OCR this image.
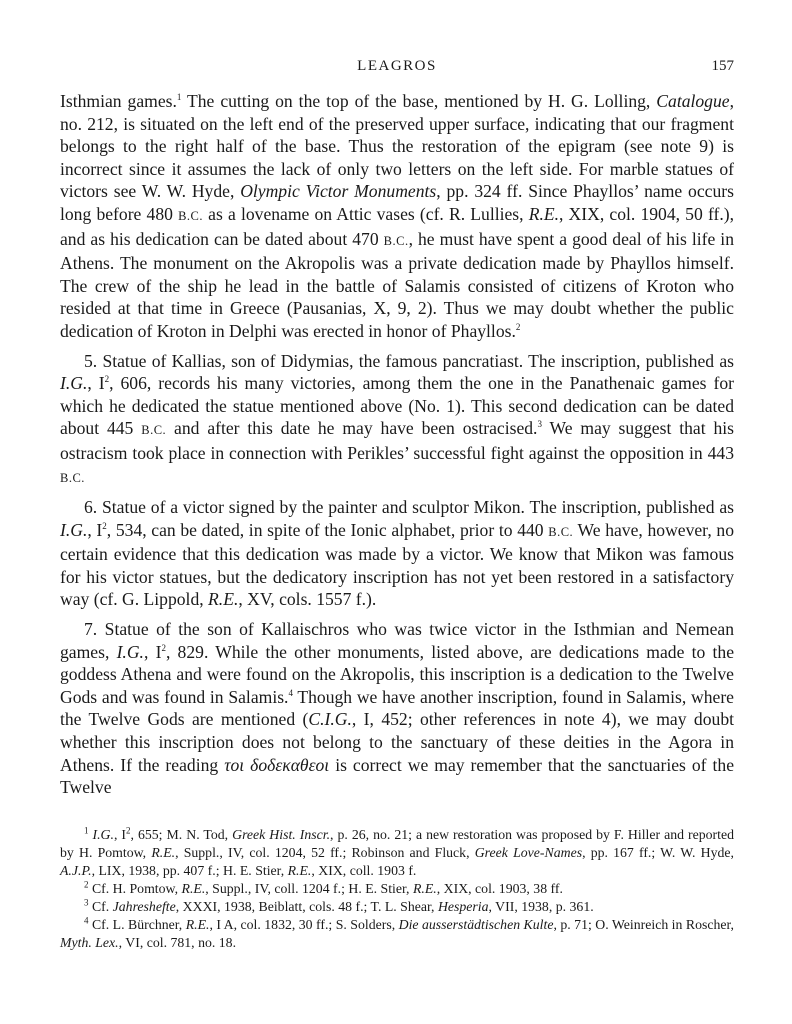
LEAGROS	157

Isthmian games.$^1$ The cutting on the top of the base, mentioned by H. G. Lolling, Catalogue, no. 212, is situated on the left end of the preserved upper surface, indicating that our fragment belongs to the right half of the base. Thus the restoration of the epigram (see note 9) is incorrect since it assumes the lack of only two letters on the left side. For marble statues of victors see W. W. Hyde, Olympic Victor Monuments, pp. 324 ff. Since Phayllos’ name occurs long before 480 B.C. as a lovename on Attic vases (cf. R. Lullies, R.E., XIX, col. 1904, 50 ff.), and as his dedication can be dated about 470 B.C., he must have spent a good deal of his life in Athens. The monument on the Akropolis was a private dedication made by Phayllos himself. The crew of the ship he lead in the battle of Salamis consisted of citizens of Kroton who resided at that time in Greece (Pausanias, X, 9, 2). Thus we may doubt whether the public dedication of Kroton in Delphi was erected in honor of Phayllos.$^2$

5. Statue of Kallias, son of Didymias, the famous pancratiast. The inscription, published as I.G., $I^2$, 606, records his many victories, among them the one in the Panathenaic games for which he dedicated the statue mentioned above (No. 1). This second dedication can be dated about 445 B.C. and after this date he may have been ostracised.$^3$ We may suggest that his ostracism took place in connection with Perikles’ successful fight against the opposition in 443 B.C.

6. Statue of a victor signed by the painter and sculptor Mikon. The inscription, published as I.G., $I^2$, 534, can be dated, in spite of the Ionic alphabet, prior to 440 B.C. We have, however, no certain evidence that this dedication was made by a victor. We know that Mikon was famous for his victor statues, but the dedicatory inscription has not yet been restored in a satisfactory way (cf. G. Lippold, R.E., XV, cols. 1557 f.).

7. Statue of the son of Kallaischros who was twice victor in the Isthmian and Nemean games, I.G., $I^2$, 829. While the other monuments, listed above, are dedications made to the goddess Athena and were found on the Akropolis, this inscription is a dedication to the Twelve Gods and was found in Salamis.$^4$ Though we have another inscription, found in Salamis, where the Twelve Gods are mentioned (C.I.G., I, 452; other references in note 4), we may doubt whether this inscription does not belong to the sanctuary of these deities in the Agora in Athens. If the reading τοι δοδεκαθεοι is correct we may remember that the sanctuaries of the Twelve

$^1$ I.G., $I^2$, 655; M. N. Tod, Greek Hist. Inscr., p. 26, no. 21; a new restoration was proposed by F. Hiller and reported by H. Pomtow, R.E., Suppl., IV, col. 1204, 52 ff.; Robinson and Fluck, Greek Love-Names, pp. 167 ff.; W. W. Hyde, A.J.P., LIX, 1938, pp. 407 f.; H. E. Stier, R.E., XIX, coll. 1903 f.

$^2$ Cf. H. Pomtow, R.E., Suppl., IV, coll. 1204 f.; H. E. Stier, R.E., XIX, col. 1903, 38 ff.

$^3$ Cf. Jahreshefte, XXXI, 1938, Beiblatt, cols. 48 f.; T. L. Shear, Hesperia, VII, 1938, p. 361.

$^4$ Cf. L. Bürchner, R.E., I A, col. 1832, 30 ff.; S. Solders, Die ausserstädtischen Kulte, p. 71; O. Weinreich in Roscher, Myth. Lex., VI, col. 781, no. 18.
